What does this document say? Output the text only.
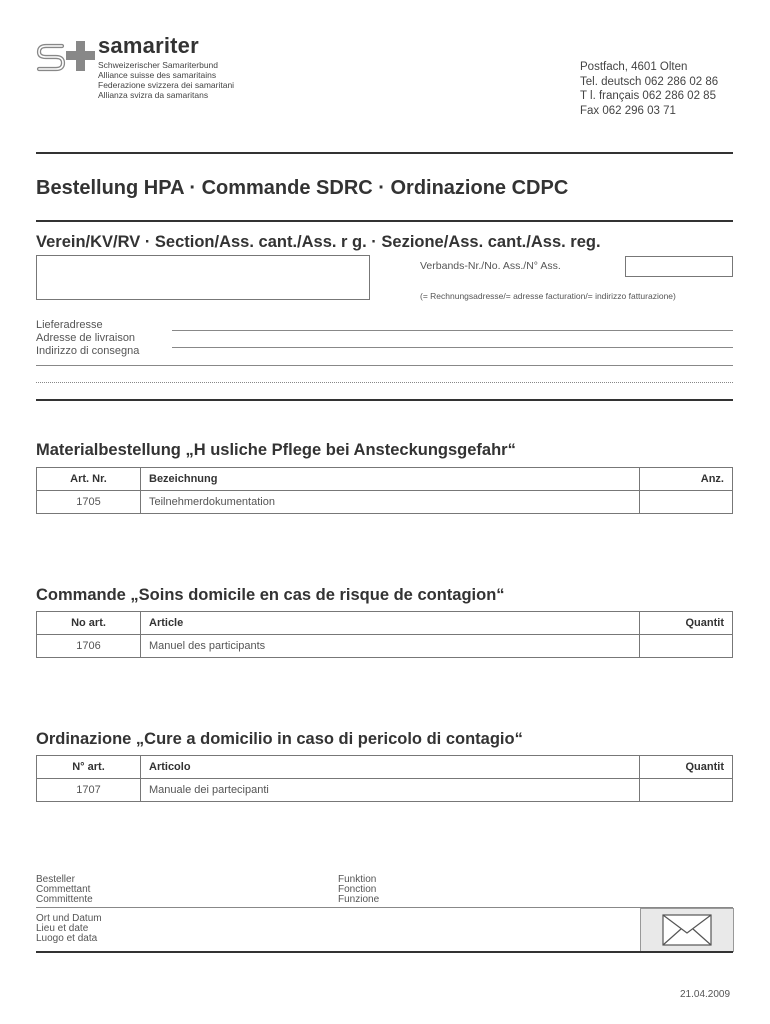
samariter
Schweizerischer Samariterbund
Alliance suisse des samaritains
Federazione svizzera dei samaritani
Allianza svizra da samaritans
Postfach, 4601 Olten
Tel. deutsch 062 286 02 86
T l. français 062 286 02 85
Fax 062 296 03 71
Bestellung HPA · Commande SDRC · Ordinazione CDPC
Verein/KV/RV · Section/Ass. cant./Ass. r g. · Sezione/Ass. cant./Ass. reg.
Verbands-Nr./No. Ass./N° Ass.
(= Rechnungsadresse/= adresse facturation/= indirizzo fatturazione)
Lieferadresse
Adresse de livraison
Indirizzo di consegna
Materialbestellung „H usliche Pflege bei Ansteckungsgefahr“
Art. Nr.	Bezeichnung	Anz.
1705	Teilnehmerdokumentation	
Commande „Soins domicile en cas de risque de contagion“
No art.	Article	Quantit
1706	Manuel des participants	
Ordinazione „Cure a domicilio in caso di pericolo di contagio“
N° art.	Articolo	Quantit
1707	Manuale dei partecipanti	
Besteller
Commettant
Committente
Funktion
Fonction
Funzione
Ort und Datum
Lieu et date
Luogo et data
21.04.2009
